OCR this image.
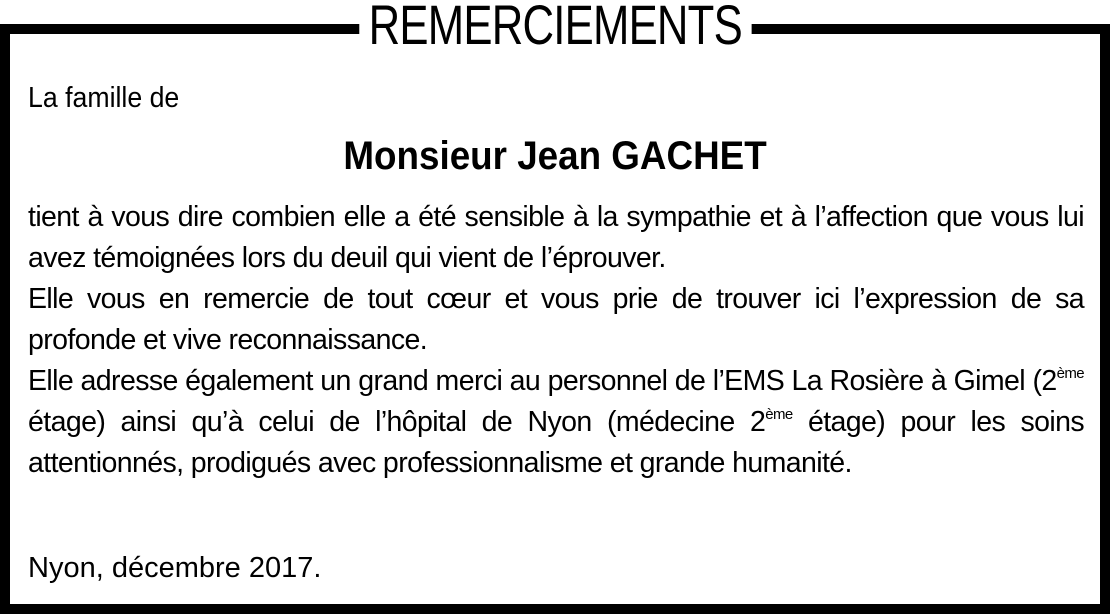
REMERCIEMENTS
La famille de
Monsieur Jean GACHET

tient à vous dire combien elle a été sensible à la sympathie et à l’affection que vous lui avez témoignées lors du deuil qui vient de l’éprouver.

Elle vous en remercie de tout cœur et vous prie de trouver ici l’expression de sa profonde et vive reconnaissance.

Elle adresse également un grand merci au personnel de l’EMS La Rosière à Gimel (2ème étage) ainsi qu’à celui de l’hôpital de Nyon (médecine 2ème étage) pour les soins attentionnés, prodigués avec professionnalisme et grande humanité.

Nyon, décembre 2017.
